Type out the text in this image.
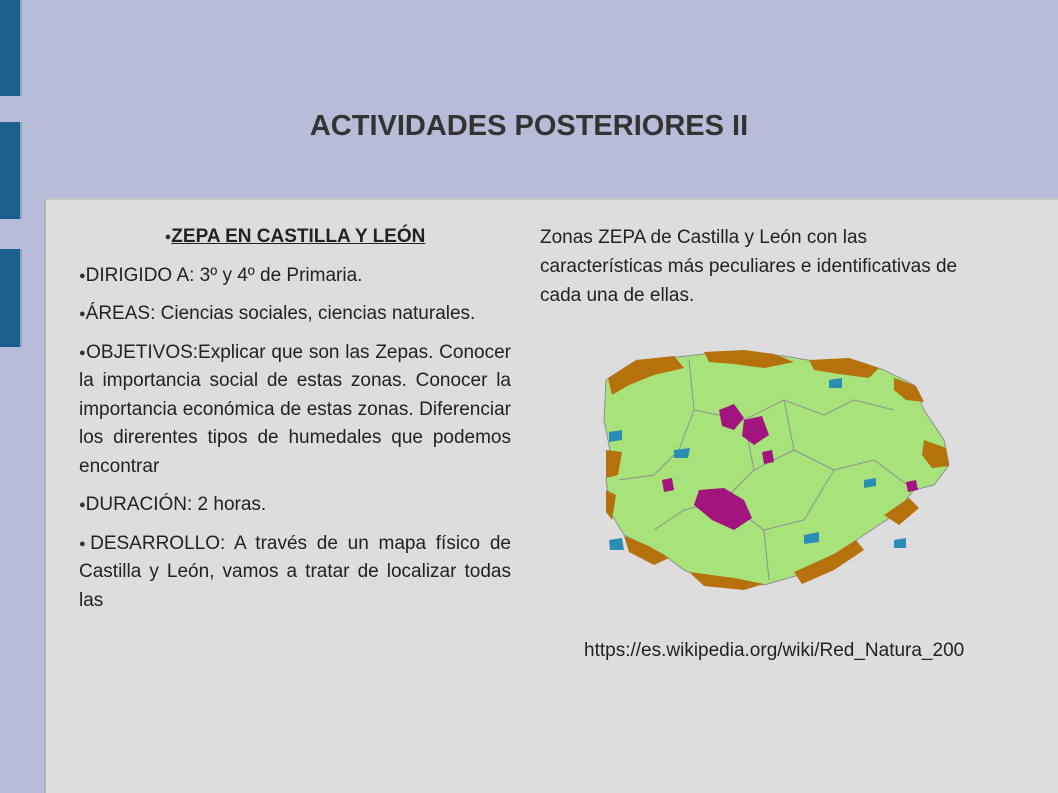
ACTIVIDADES POSTERIORES II
●ZEPA EN CASTILLA Y LEÓN
●DIRIGIDO A: 3º y 4º de Primaria.
●ÁREAS: Ciencias sociales, ciencias naturales.
●OBJETIVOS:Explicar que son las Zepas. Conocer la importancia social de estas zonas. Conocer la importancia económica de estas zonas. Diferenciar los direrentes tipos de humedales que podemos encontrar
●DURACIÓN: 2 horas.
●DESARROLLO: A través de un mapa físico de Castilla y León, vamos a tratar de localizar todas las
Zonas ZEPA de Castilla y León con las características más peculiares e identificativas de cada una de ellas.
https://es.wikipedia.org/wiki/Red_Natura_200
